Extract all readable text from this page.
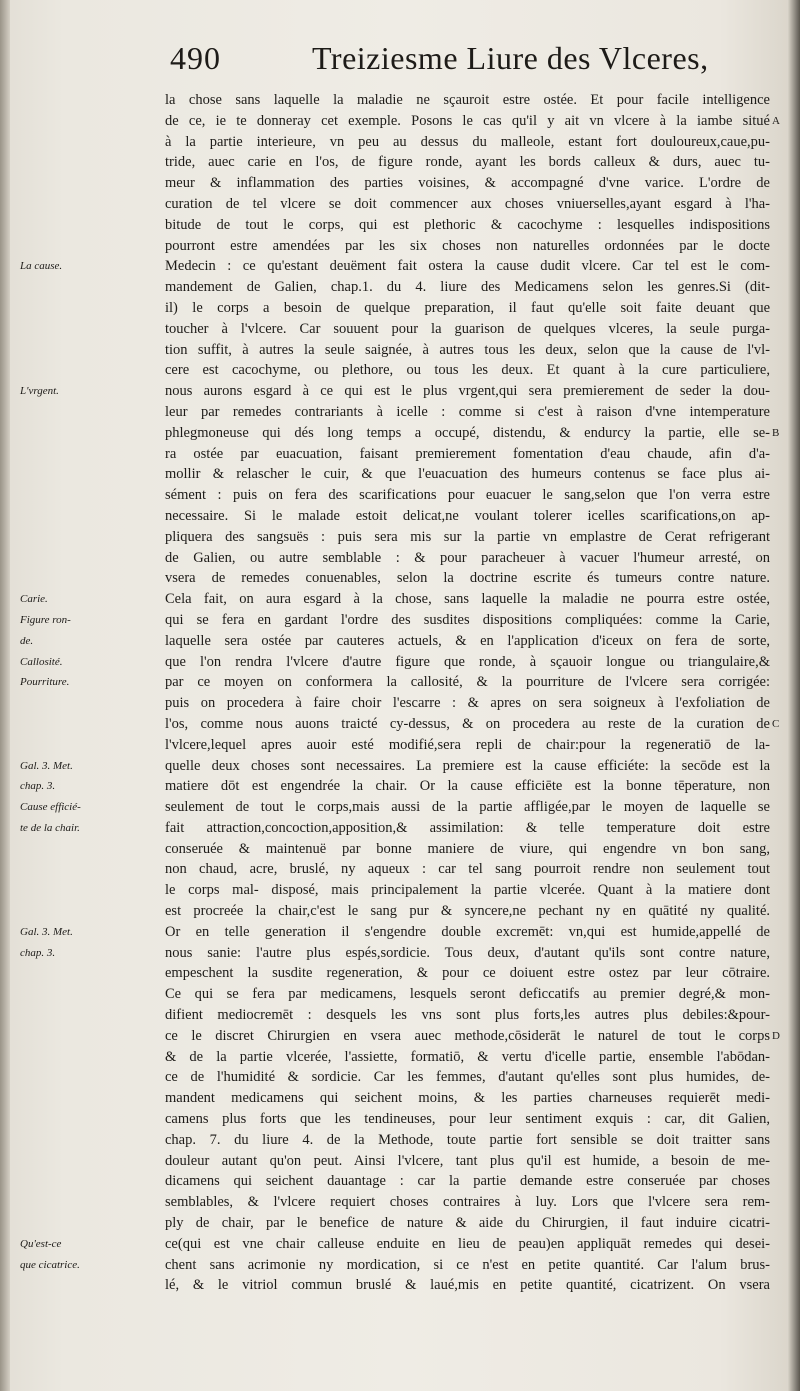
490	Treiziesme Liure des Vlceres,
La cause.
L'vrgent.
Carie.
Figure ron-
de.
Callosité.
Pourriture.
Gal. 3. Met.
chap. 3.
Cause efficié-
te de la chair.
Gal. 3. Met.
chap. 3.
Qu'est-ce
que cicatrice.
la chose sans laquelle la maladie ne sçauroit estre ostée. Et pour facile intelligence
de ce, ie te donneray cet exemple. Posons le cas qu'il y ait vn vlcere à la iambe situé
à la partie interieure, vn peu au dessus du malleole, estant fort douloureux,caue,pu-
tride, auec carie en l'os, de figure ronde, ayant les bords calleux & durs, auec tu-
meur & inflammation des parties voisines, & accompagné d'vne varice. L'ordre de
curation de tel vlcere se doit commencer aux choses vniuerselles,ayant esgard à l'ha-
bitude de tout le corps, qui est plethoric & cacochyme : lesquelles indispositions
pourront estre amendées par les six choses non naturelles ordonnées par le docte
Medecin : ce qu'estant deuëment fait ostera la cause dudit vlcere. Car tel est le com-
mandement de Galien, chap.1. du 4. liure des Medicamens selon les genres.Si (dit-
il) le corps a besoin de quelque preparation, il faut qu'elle soit faite deuant que
toucher à l'vlcere. Car souuent pour la guarison de quelques vlceres, la seule purga-
tion suffit, à autres la seule saignée, à autres tous les deux, selon que la cause de l'vl-
cere est cacochyme, ou plethore, ou tous les deux. Et quant à la cure particuliere,
nous aurons esgard à ce qui est le plus vrgent,qui sera premierement de seder la dou-
leur par remedes contrariants à icelle : comme si c'est à raison d'vne intemperature
phlegmoneuse qui dés long temps a occupé, distendu, & endurcy la partie, elle se-
ra ostée par euacuation, faisant premierement fomentation d'eau chaude, afin d'a-
mollir & relascher le cuir, & que l'euacuation des humeurs contenus se face plus ai-
sément : puis on fera des scarifications pour euacuer le sang,selon que l'on verra estre
necessaire. Si le malade estoit delicat,ne voulant tolerer icelles scarifications,on ap-
pliquera des sangsuës : puis sera mis sur la partie vn emplastre de Cerat refrigerant
de Galien, ou autre semblable : & pour paracheuer à vacuer l'humeur arresté, on
vsera de remedes conuenables, selon la doctrine escrite és tumeurs contre nature.
Cela fait, on aura esgard à la chose, sans laquelle la maladie ne pourra estre ostée,
qui se fera en gardant l'ordre des susdites dispositions compliquées: comme la Carie,
laquelle sera ostée par cauteres actuels, & en l'application d'iceux on fera de sorte,
que l'on rendra l'vlcere d'autre figure que ronde, à sçauoir longue ou triangulaire,&
par ce moyen on conformera la callosité, & la pourriture de l'vlcere sera corrigée:
puis on procedera à faire choir l'escarre : & apres on sera soigneux à l'exfoliation de
l'os, comme nous auons traicté cy-dessus, & on procedera au reste de la curation de
l'vlcere,lequel apres auoir esté modifié,sera repli de chair:pour la regeneratiō de la-
quelle deux choses sont necessaires. La premiere est la cause efficiéte: la secōde est la
matiere dōt est engendrée la chair. Or la cause efficiēte est la bonne tēperature, non
seulement de tout le corps,mais aussi de la partie affligée,par le moyen de laquelle se
fait attraction,concoction,apposition,& assimilation: & telle temperature doit estre
conseruée & maintenuë par bonne maniere de viure, qui engendre vn bon sang,
non chaud, acre, bruslé, ny aqueux : car tel sang pourroit rendre non seulement tout
le corps mal- disposé, mais principalement la partie vlcerée. Quant à la matiere dont
est procreée la chair,c'est le sang pur & syncere,ne pechant ny en quātité ny qualité.
Or en telle generation il s'engendre double excremēt: vn,qui est humide,appellé de
nous sanie: l'autre plus espés,sordicie. Tous deux, d'autant qu'ils sont contre nature,
empeschent la susdite regeneration, & pour ce doiuent estre ostez par leur cōtraire.
Ce qui se fera par medicamens, lesquels seront deficcatifs au premier degré,& mon-
difient mediocremēt : desquels les vns sont plus forts,les autres plus debiles:&pour-
ce le discret Chirurgien en vsera auec methode,cōsiderāt le naturel de tout le corps
& de la partie vlcerée, l'assiette, formatiō, & vertu d'icelle partie, ensemble l'abōdan-
ce de l'humidité & sordicie. Car les femmes, d'autant qu'elles sont plus humides, de-
mandent medicamens qui seichent moins, & les parties charneuses requierēt medi-
camens plus forts que les tendineuses, pour leur sentiment exquis : car, dit Galien,
chap. 7. du liure 4. de la Methode, toute partie fort sensible se doit traitter sans
douleur autant qu'on peut. Ainsi l'vlcere, tant plus qu'il est humide, a besoin de me-
dicamens qui seichent dauantage : car la partie demande estre conseruée par choses
semblables, & l'vlcere requiert choses contraires à luy. Lors que l'vlcere sera rem-
ply de chair, par le benefice de nature & aide du Chirurgien, il faut induire cicatri-
ce(qui est vne chair calleuse enduite en lieu de peau)en appliquāt remedes qui desei-
chent sans acrimonie ny mordication, si ce n'est en petite quantité. Car l'alum brus-
lé, & le vitriol commun bruslé & laué,mis en petite quantité, cicatrizent. On vsera
A
B
C
D
